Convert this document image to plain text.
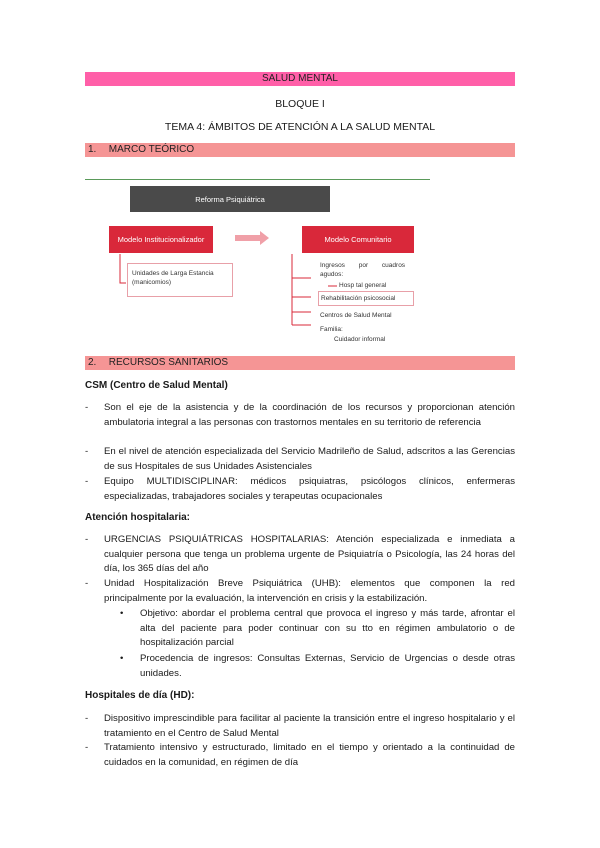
SALUD MENTAL
BLOQUE I
TEMA 4: ÁMBITOS DE ATENCIÓN A LA SALUD MENTAL
1. MARCO TEÓRICO
Reforma Psiquiátrica
Modelo Institucionalizador	Modelo Comunitario
Unidades de Larga Estancia (manicomios)
Ingresos por cuadros
agudos:
Hosp tal general
Rehabilitación psicosocial
Centros de Salud Mental
Familia:
Cuidador informal
2. RECURSOS SANITARIOS
CSM (Centro de Salud Mental)
-	Son el eje de la asistencia y de la coordinación de los recursos y proporcionan atención ambulatoria integral a las personas con trastornos mentales en su territorio de referencia
-	En el nivel de atención especializada del Servicio Madrileño de Salud, adscritos a las Gerencias de sus Hospitales de sus Unidades Asistenciales
-	Equipo MULTIDISCIPLINAR: médicos psiquiatras, psicólogos clínicos, enfermeras especializadas, trabajadores sociales y terapeutas ocupacionales
Atención hospitalaria:
-	URGENCIAS PSIQUIÁTRICAS HOSPITALARIAS: Atención especializada e inmediata a cualquier persona que tenga un problema urgente de Psiquiatría o Psicología, las 24 horas del día, los 365 días del año
-	Unidad Hospitalización Breve Psiquiátrica (UHB): elementos que componen la red principalmente por la evaluación, la intervención en crisis y la estabilización.
• Objetivo: abordar el problema central que provoca el ingreso y más tarde, afrontar el alta del paciente para poder continuar con su tto en régimen ambulatorio o de hospitalización parcial
• Procedencia de ingresos: Consultas Externas, Servicio de Urgencias o desde otras unidades.
Hospitales de día (HD):
-	Dispositivo imprescindible para facilitar al paciente la transición entre el ingreso hospitalario y el tratamiento en el Centro de Salud Mental
-	Tratamiento intensivo y estructurado, limitado en el tiempo y orientado a la continuidad de cuidados en la comunidad, en régimen de día
